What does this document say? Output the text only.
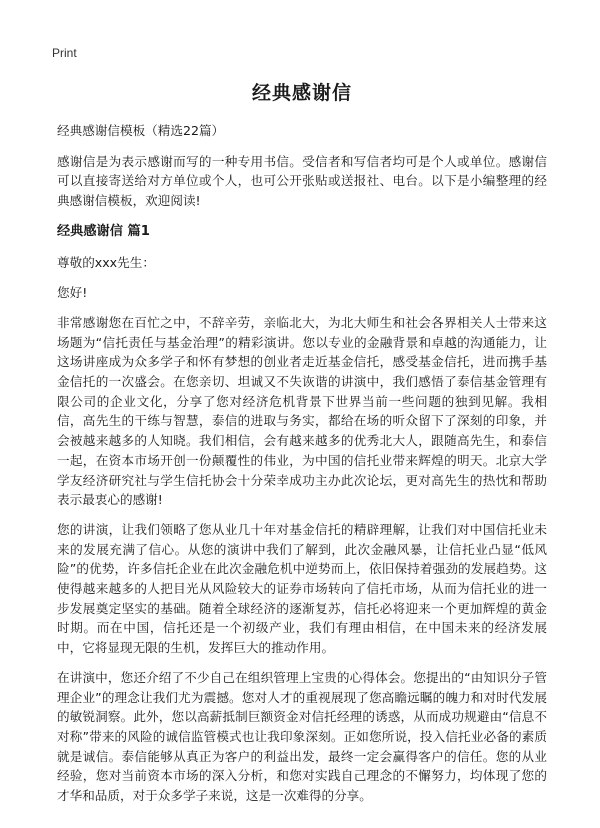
Print
经典感谢信

经典感谢信模板（精选22篇）

感谢信是为表示感谢而写的一种专用书信。受信者和写信者均可是个人或单位。感谢信可以直接寄送给对方单位或个人，也可公开张贴或送报社、电台。以下是小编整理的经典感谢信模板，欢迎阅读!

经典感谢信 篇1

尊敬的xxx先生：

您好!

非常感谢您在百忙之中，不辞辛劳，亲临北大，为北大师生和社会各界相关人士带来这场题为“信托责任与基金治理”的精彩演讲。您以专业的金融背景和卓越的沟通能力，让这场讲座成为众多学子和怀有梦想的创业者走近基金信托，感受基金信托，进而携手基金信托的一次盛会。在您亲切、坦诚又不失诙谐的讲演中，我们感悟了泰信基金管理有限公司的企业文化，分享了您对经济危机背景下世界当前一些问题的独到见解。我相信，高先生的干练与智慧，泰信的进取与务实，都给在场的听众留下了深刻的印象，并会被越来越多的人知晓。我们相信，会有越来越多的优秀北大人，跟随高先生，和泰信一起，在资本市场开创一份颠覆性的伟业，为中国的信托业带来辉煌的明天。北京大学学友经济研究社与学生信托协会十分荣幸成功主办此次论坛，更对高先生的热忱和帮助表示最衷心的感谢!

您的讲演，让我们领略了您从业几十年对基金信托的精辟理解，让我们对中国信托业未来的发展充满了信心。从您的演讲中我们了解到，此次金融风暴，让信托业凸显“低风险”的优势，许多信托企业在此次金融危机中逆势而上，依旧保持着强劲的发展趋势。这使得越来越多的人把目光从风险较大的证券市场转向了信托市场，从而为信托业的进一步发展奠定坚实的基础。随着全球经济的逐渐复苏，信托必将迎来一个更加辉煌的黄金时期。而在中国，信托还是一个初级产业，我们有理由相信，在中国未来的经济发展中，它将显现无限的生机，发挥巨大的推动作用。

在讲演中，您还介绍了不少自己在组织管理上宝贵的心得体会。您提出的“由知识分子管理企业”的理念让我们尤为震撼。您对人才的重视展现了您高瞻远瞩的魄力和对时代发展的敏锐洞察。此外，您以高薪抵制巨额资金对信托经理的诱惑，从而成功规避由“信息不对称”带来的风险的诚信监管模式也让我印象深刻。正如您所说，投入信托业必备的素质就是诚信。泰信能够从真正为客户的利益出发，最终一定会赢得客户的信任。您的从业经验，您对当前资本市场的深入分析，和您对实践自己理念的不懈努力，均体现了您的才华和品质，对于众多学子来说，这是一次难得的分享。
